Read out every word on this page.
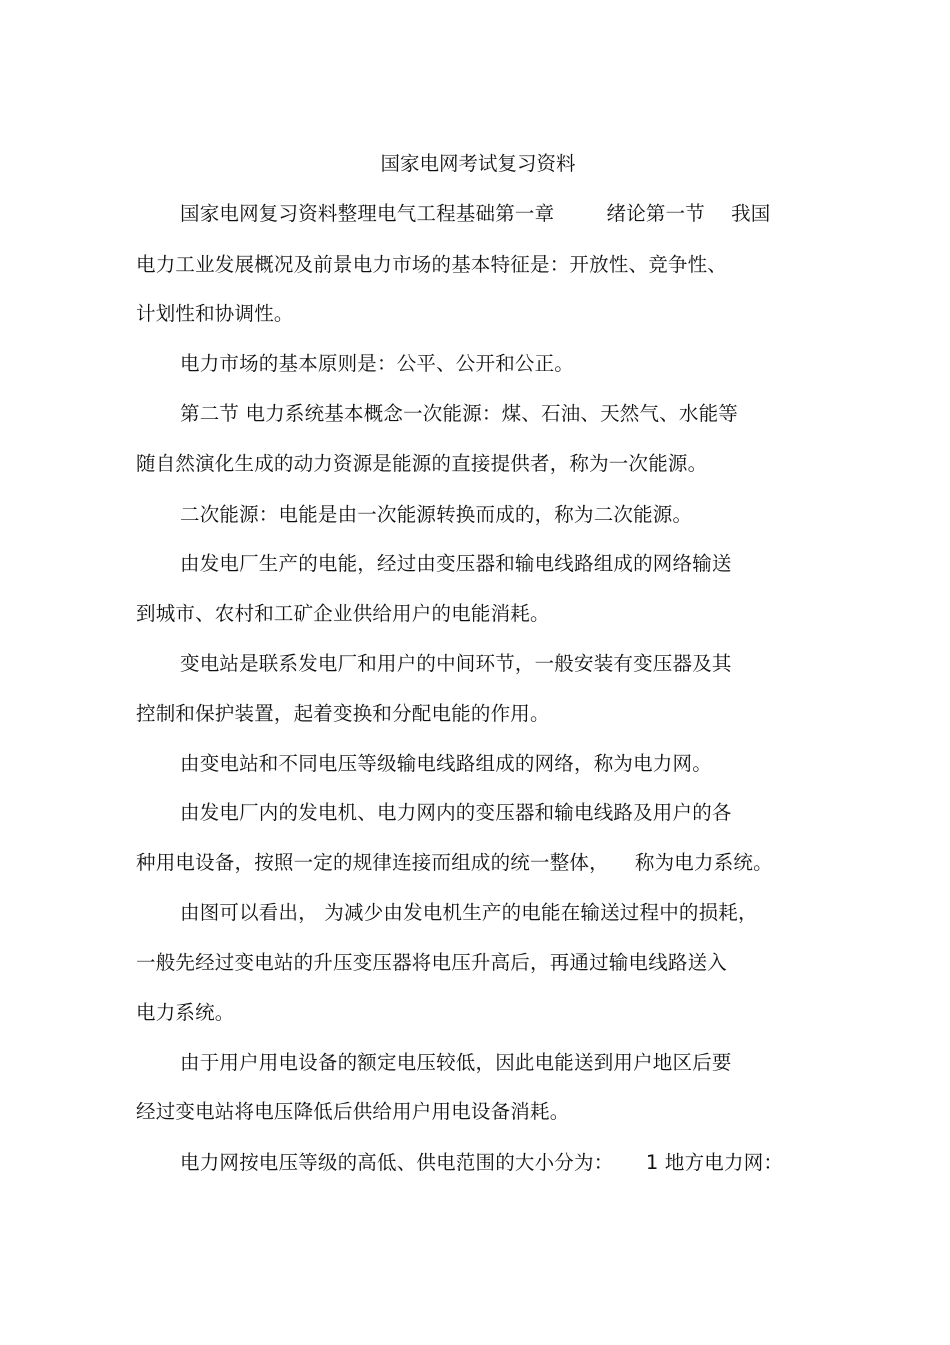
国家电网考试复习资料
国家电网复习资料整理电气工程基础第一章 　　 绪论第一节 　我国
电力工业发展概况及前景电力市场的基本特征是：开放性、竞争性、
计划性和协调性。
电力市场的基本原则是：公平、公开和公正。
第二节 电力系统基本概念一次能源：煤、石油、天然气、水能等
随自然演化生成的动力资源是能源的直接提供者，称为一次能源。
二次能源：电能是由一次能源转换而成的，称为二次能源。
由发电厂生产的电能，经过由变压器和输电线路组成的网络输送
到城市、农村和工矿企业供给用户的电能消耗。
变电站是联系发电厂和用户的中间环节，一般安装有变压器及其
控制和保护装置，起着变换和分配电能的作用。
由变电站和不同电压等级输电线路组成的网络，称为电力网。
由发电厂内的发电机、电力网内的变压器和输电线路及用户的各
种用电设备，按照一定的规律连接而组成的统一整体， 　称为电力系统。
由图可以看出， 为减少由发电机生产的电能在输送过程中的损耗，
一般先经过变电站的升压变压器将电压升高后，再通过输电线路送入
电力系统。
由于用户用电设备的额定电压较低，因此电能送到用户地区后要
经过变电站将电压降低后供给用户用电设备消耗。
电力网按电压等级的高低、供电范围的大小分为： 　 1 地方电力网：
